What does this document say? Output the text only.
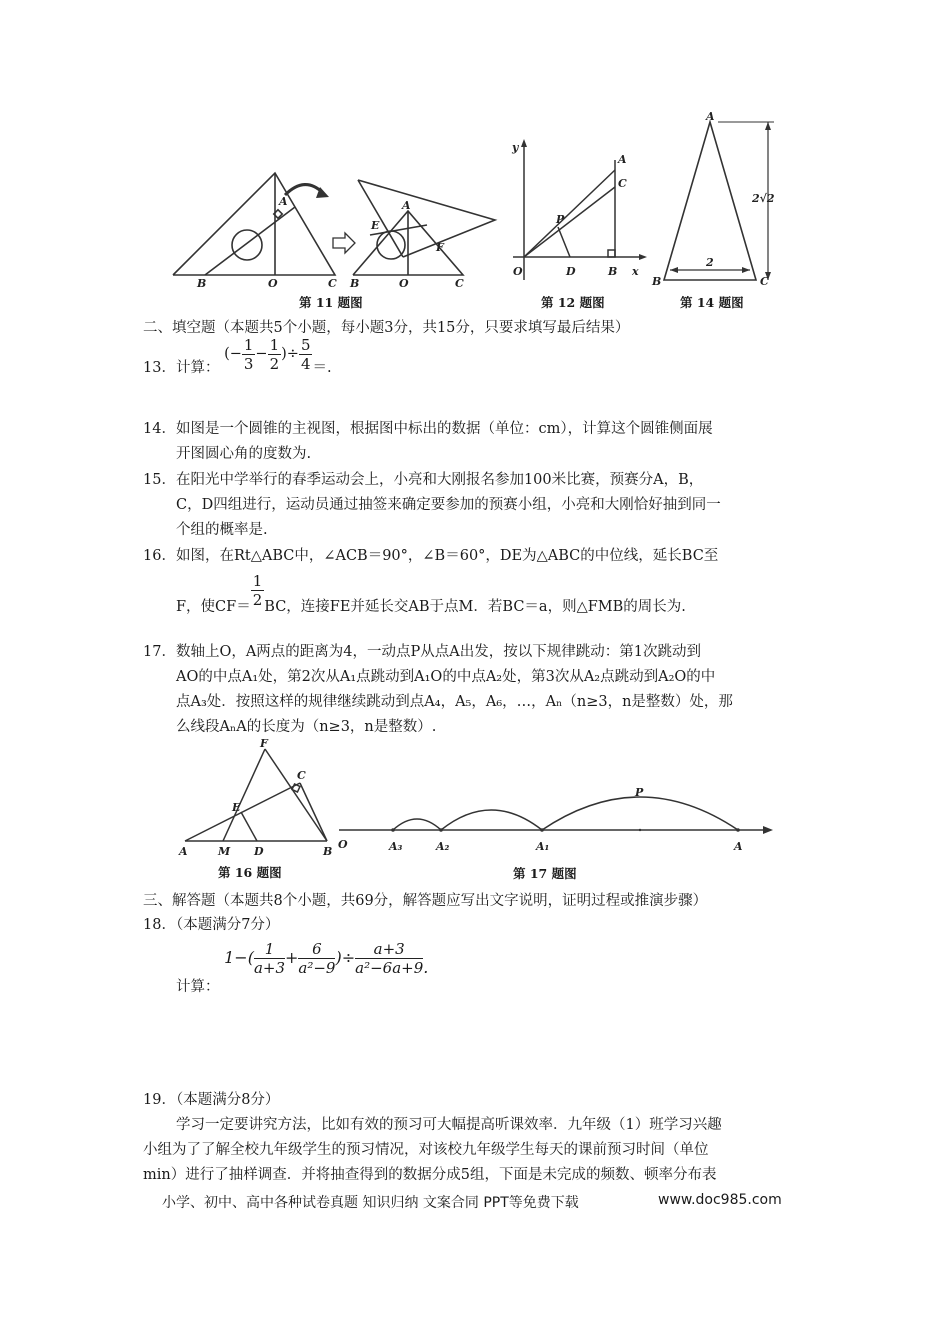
A
B	O	C
A
E
F
B	O	C
第 11 题图
y
O	D	B x
P
A
C
第 12 题图
A
B	C
2
2√2
第 14 题图
二、填空题（本题共5个小题，每小题3分，共15分，只要求填写最后结果）
13．计算： (− $\frac{1}{3} - \frac{1}{2}$ )÷ $\frac{5}{4}$ ＝.
14．如图是一个圆锥的主视图，根据图中标出的数据（单位：cm），计算这个圆锥侧面展
开图圆心角的度数为.
15．在阳光中学举行的春季运动会上，小亮和大刚报名参加100米比赛，预赛分A，B，
C，D四组进行，运动员通过抽签来确定要参加的预赛小组，小亮和大刚恰好抽到同一
个组的概率是.
16．如图，在Rt△ABC中，∠ACB＝90°，∠B＝60°，DE为△ABC的中位线，延长BC至
F，使$CF= \frac{1}{2}$ BC，连接FE并延长交AB于点M．若BC＝a，则△FMB的周长为.
17．数轴上O，A两点的距离为4，一动点P从点A出发，按以下规律跳动：第1次跳动到
AO的中点A₁处，第2次从A₁点跳动到A₁O的中点A₂处，第3次从A₂点跳动到A₂O的中
点A₃处．按照这样的规律继续跳动到点A₄，A₅，A₆，…，Aₙ（n≥3，n是整数）处，那
么线段AₙA的长度为（n≥3，n是整数）.
A	M D	B
E
F
C
第 16 题图
O	A₃	A₂	A₁	A
P
第 17 题图
三、解答题（本题共8个小题，共69分，解答题应写出文字说明，证明过程或推演步骤）
18．（本题满分7分）
计算： $1-( \frac{1}{a+3} + \frac{6}{\text{a²−9}}$ )÷ $\frac{a+3}{\text{a²−6a+9}}$ .
19．（本题满分8分）
学习一定要讲究方法，比如有效的预习可大幅提高听课效率．九年级（1）班学习兴趣
小组为了了解全校九年级学生的预习情况，对该校九年级学生每天的课前预习时间（单位
min）进行了抽样调查．并将抽查得到的数据分成5组，下面是未完成的频数、顿率分布表
小学、初中、高中各种试卷真题 知识归纳 文案合同 PPT等免费下载	www.doc985.com
